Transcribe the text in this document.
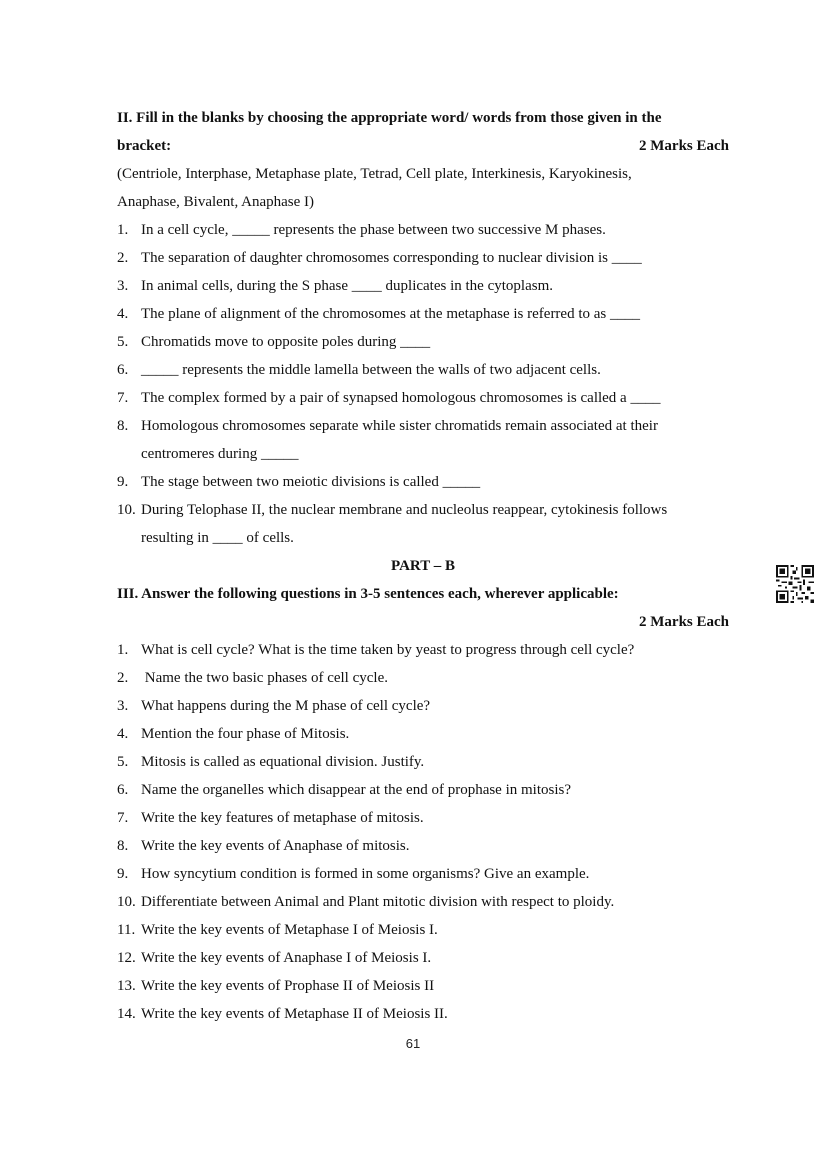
II. Fill in the blanks by choosing the appropriate word/ words from those given in the
bracket:	2 Marks Each
(Centriole, Interphase, Metaphase plate, Tetrad, Cell plate, Interkinesis, Karyokinesis,
Anaphase, Bivalent, Anaphase I)
1. In a cell cycle, _____ represents the phase between two successive M phases.
2. The separation of daughter chromosomes corresponding to nuclear division is ____
3. In animal cells, during the S phase ____ duplicates in the cytoplasm.
4. The plane of alignment of the chromosomes at the metaphase is referred to as ____
5. Chromatids move to opposite poles during ____
6. _____ represents the middle lamella between the walls of two adjacent cells.
7. The complex formed by a pair of synapsed homologous chromosomes is called a ____
8. Homologous chromosomes separate while sister chromatids remain associated at their
centromeres during _____
9. The stage between two meiotic divisions is called _____
10. During Telophase II, the nuclear membrane and nucleolus reappear, cytokinesis follows
resulting in ____ of cells.
PART – B
III. Answer the following questions in 3-5 sentences each, wherever applicable:
2 Marks Each
1. What is cell cycle? What is the time taken by yeast to progress through cell cycle?
2. Name the two basic phases of cell cycle.
3. What happens during the M phase of cell cycle?
4. Mention the four phase of Mitosis.
5. Mitosis is called as equational division. Justify.
6. Name the organelles which disappear at the end of prophase in mitosis?
7. Write the key features of metaphase of mitosis.
8. Write the key events of Anaphase of mitosis.
9. How syncytium condition is formed in some organisms? Give an example.
10. Differentiate between Animal and Plant mitotic division with respect to ploidy.
11. Write the key events of Metaphase I of Meiosis I.
12. Write the key events of Anaphase I of Meiosis I.
13. Write the key events of Prophase II of Meiosis II
14. Write the key events of Metaphase II of Meiosis II.
61
